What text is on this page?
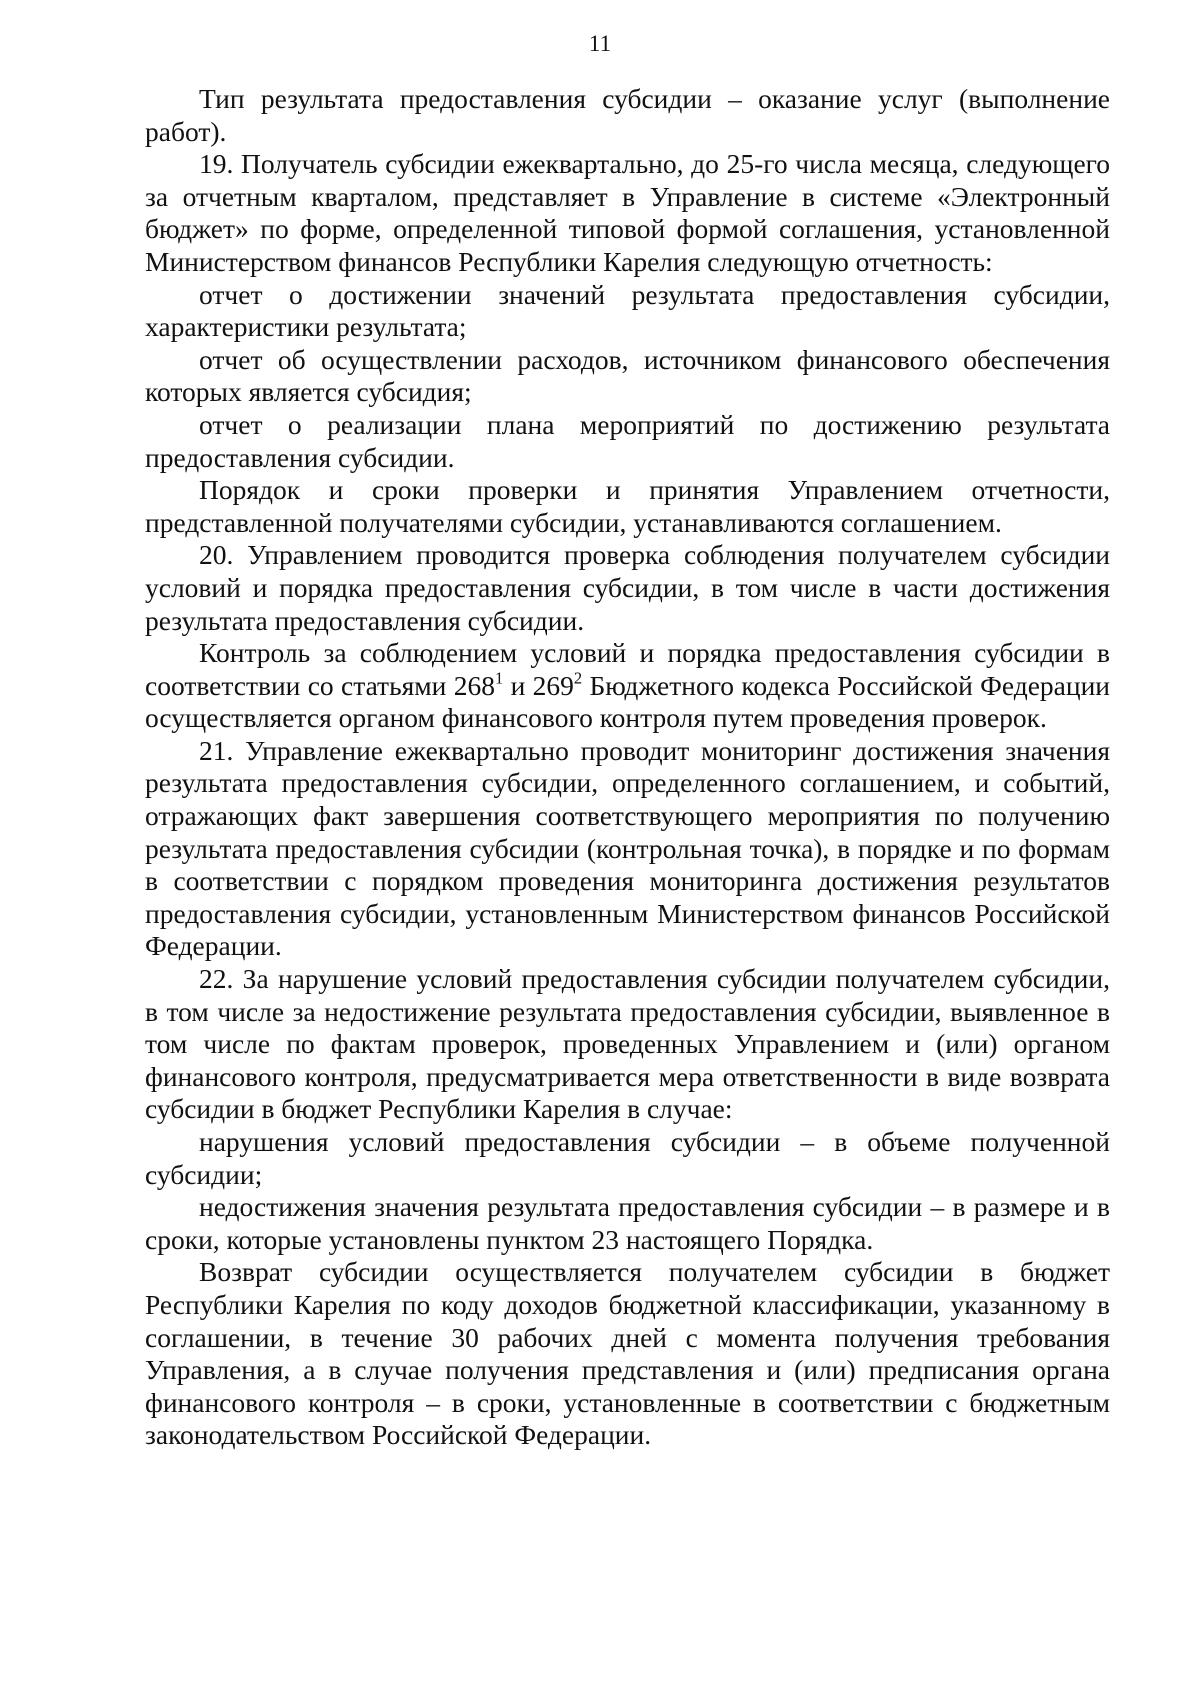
11

Тип результата предоставления субсидии – оказание услуг (выполнение работ).

19. Получатель субсидии ежеквартально, до 25-го числа месяца, следующего за отчетным кварталом, представляет в Управление в системе «Электронный бюджет» по форме, определенной типовой формой соглашения, установленной Министерством финансов Республики Карелия следующую отчетность:

отчет о достижении значений результата предоставления субсидии, характеристики результата;

отчет об осуществлении расходов, источником финансового обеспечения которых является субсидия;

отчет о реализации плана мероприятий по достижению результата предоставления субсидии.

Порядок и сроки проверки и принятия Управлением отчетности, представленной получателями субсидии, устанавливаются соглашением.

20. Управлением проводится проверка соблюдения получателем субсидии условий и порядка предоставления субсидии, в том числе в части достижения результата предоставления субсидии.

Контроль за соблюдением условий и порядка предоставления субсидии в соответствии со статьями $268^1$ и $269^2$ Бюджетного кодекса Российской Федерации осуществляется органом финансового контроля путем проведения проверок.

21. Управление ежеквартально проводит мониторинг достижения значения результата предоставления субсидии, определенного соглашением, и событий, отражающих факт завершения соответствующего мероприятия по получению результата предоставления субсидии (контрольная точка), в порядке и по формам в соответствии с порядком проведения мониторинга достижения результатов предоставления субсидии, установленным Министерством финансов Российской Федерации.

22. За нарушение условий предоставления субсидии получателем субсидии, в том числе за недостижение результата предоставления субсидии, выявленное в том числе по фактам проверок, проведенных Управлением и (или) органом финансового контроля, предусматривается мера ответственности в виде возврата субсидии в бюджет Республики Карелия в случае:

нарушения условий предоставления субсидии – в объеме полученной субсидии;

недостижения значения результата предоставления субсидии – в размере и в сроки, которые установлены пунктом 23 настоящего Порядка.

Возврат субсидии осуществляется получателем субсидии в бюджет Республики Карелия по коду доходов бюджетной классификации, указанному в соглашении, в течение 30 рабочих дней с момента получения требования Управления, а в случае получения представления и (или) предписания органа финансового контроля – в сроки, установленные в соответствии с бюджетным законодательством Российской Федерации.
